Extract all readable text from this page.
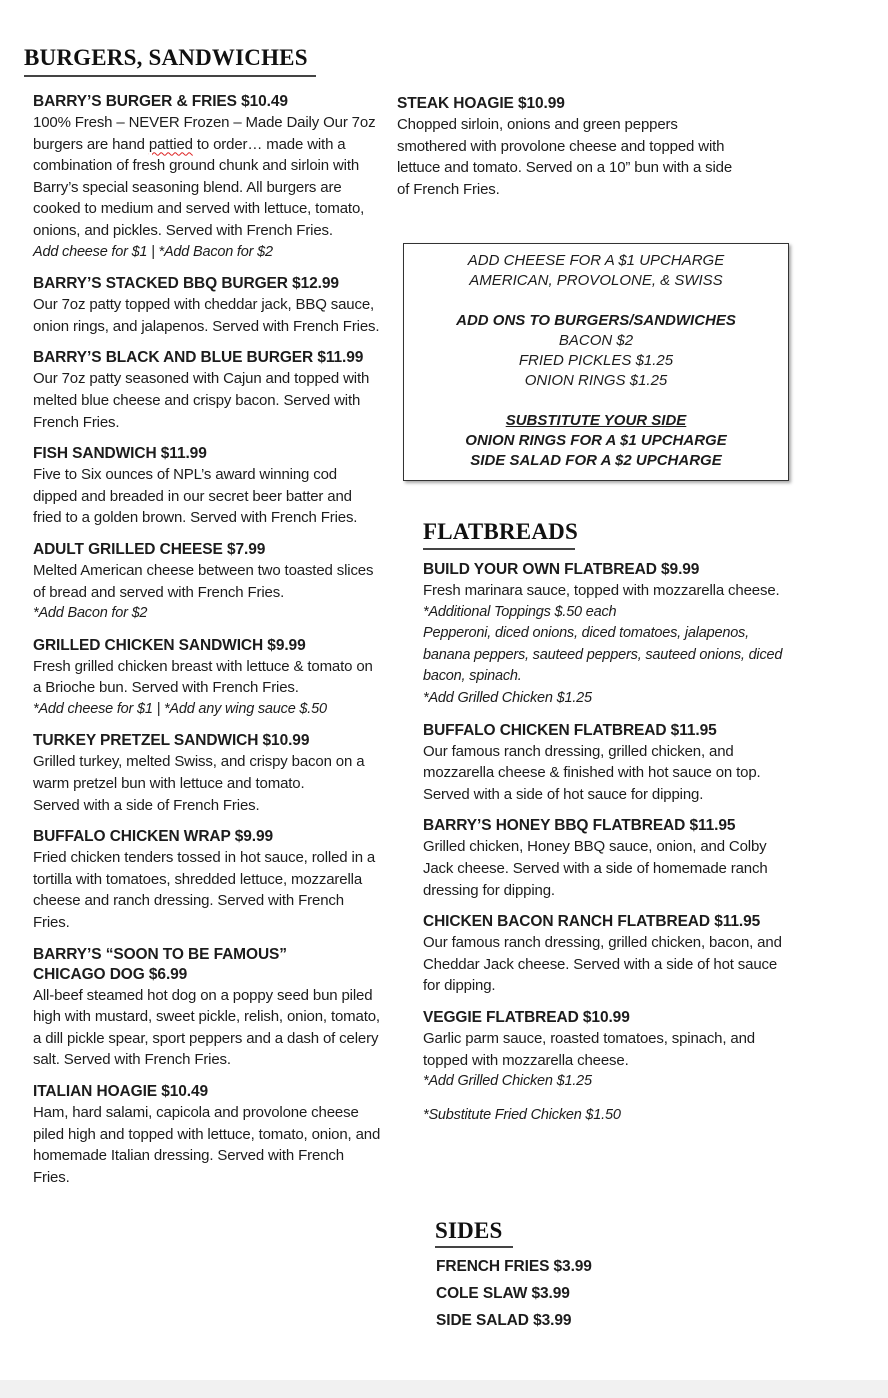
BURGERS, SANDWICHES
BARRY’S BURGER & FRIES $10.49
100% Fresh – NEVER Frozen – Made Daily Our 7oz burgers are hand pattied to order… made with a combination of fresh ground chunk and sirloin with Barry’s special seasoning blend. All burgers are cooked to medium and served with lettuce, tomato, onions, and pickles. Served with French Fries.
Add cheese for $1 | *Add Bacon for $2
BARRY’S STACKED BBQ BURGER $12.99
Our 7oz patty topped with cheddar jack, BBQ sauce, onion rings, and jalapenos. Served with French Fries.
BARRY’S BLACK AND BLUE BURGER $11.99
Our 7oz patty seasoned with Cajun and topped with melted blue cheese and crispy bacon. Served with French Fries.
FISH SANDWICH $11.99
Five to Six ounces of NPL’s award winning cod dipped and breaded in our secret beer batter and fried to a golden brown. Served with French Fries.
ADULT GRILLED CHEESE $7.99
Melted American cheese between two toasted slices of bread and served with French Fries.
*Add Bacon for $2
GRILLED CHICKEN SANDWICH $9.99
Fresh grilled chicken breast with lettuce & tomato on a Brioche bun. Served with French Fries.
*Add cheese for $1 | *Add any wing sauce $.50
TURKEY PRETZEL SANDWICH $10.99
Grilled turkey, melted Swiss, and crispy bacon on a warm pretzel bun with lettuce and tomato.
Served with a side of French Fries.
BUFFALO CHICKEN WRAP $9.99
Fried chicken tenders tossed in hot sauce, rolled in a tortilla with tomatoes, shredded lettuce, mozzarella cheese and ranch dressing. Served with French Fries.
BARRY’S “SOON TO BE FAMOUS”
CHICAGO DOG $6.99
All-beef steamed hot dog on a poppy seed bun piled high with mustard, sweet pickle, relish, onion, tomato, a dill pickle spear, sport peppers and a dash of celery salt. Served with French Fries.
ITALIAN HOAGIE $10.49
Ham, hard salami, capicola and provolone cheese piled high and topped with lettuce, tomato, onion, and homemade Italian dressing. Served with French Fries.
STEAK HOAGIE $10.99
Chopped sirloin, onions and green peppers smothered with provolone cheese and topped with lettuce and tomato. Served on a 10” bun with a side of French Fries.
ADD CHEESE FOR A $1 UPCHARGE
AMERICAN, PROVOLONE, & SWISS
ADD ONS TO BURGERS/SANDWICHES
BACON $2
FRIED PICKLES $1.25
ONION RINGS $1.25
SUBSTITUTE YOUR SIDE
ONION RINGS FOR A $1 UPCHARGE
SIDE SALAD FOR A $2 UPCHARGE
FLATBREADS
BUILD YOUR OWN FLATBREAD $9.99
Fresh marinara sauce, topped with mozzarella cheese.
*Additional Toppings $.50 each
Pepperoni, diced onions, diced tomatoes, jalapenos, banana peppers, sauteed peppers, sauteed onions, diced bacon, spinach.
*Add Grilled Chicken $1.25
BUFFALO CHICKEN FLATBREAD $11.95
Our famous ranch dressing, grilled chicken, and mozzarella cheese & finished with hot sauce on top. Served with a side of hot sauce for dipping.
BARRY’S HONEY BBQ FLATBREAD $11.95
Grilled chicken, Honey BBQ sauce, onion, and Colby Jack cheese. Served with a side of homemade ranch dressing for dipping.
CHICKEN BACON RANCH FLATBREAD $11.95
Our famous ranch dressing, grilled chicken, bacon, and Cheddar Jack cheese. Served with a side of hot sauce for dipping.
VEGGIE FLATBREAD $10.99
Garlic parm sauce, roasted tomatoes, spinach, and topped with mozzarella cheese.
*Add Grilled Chicken $1.25
*Substitute Fried Chicken $1.50
SIDES
FRENCH FRIES $3.99
COLE SLAW $3.99
SIDE SALAD $3.99
